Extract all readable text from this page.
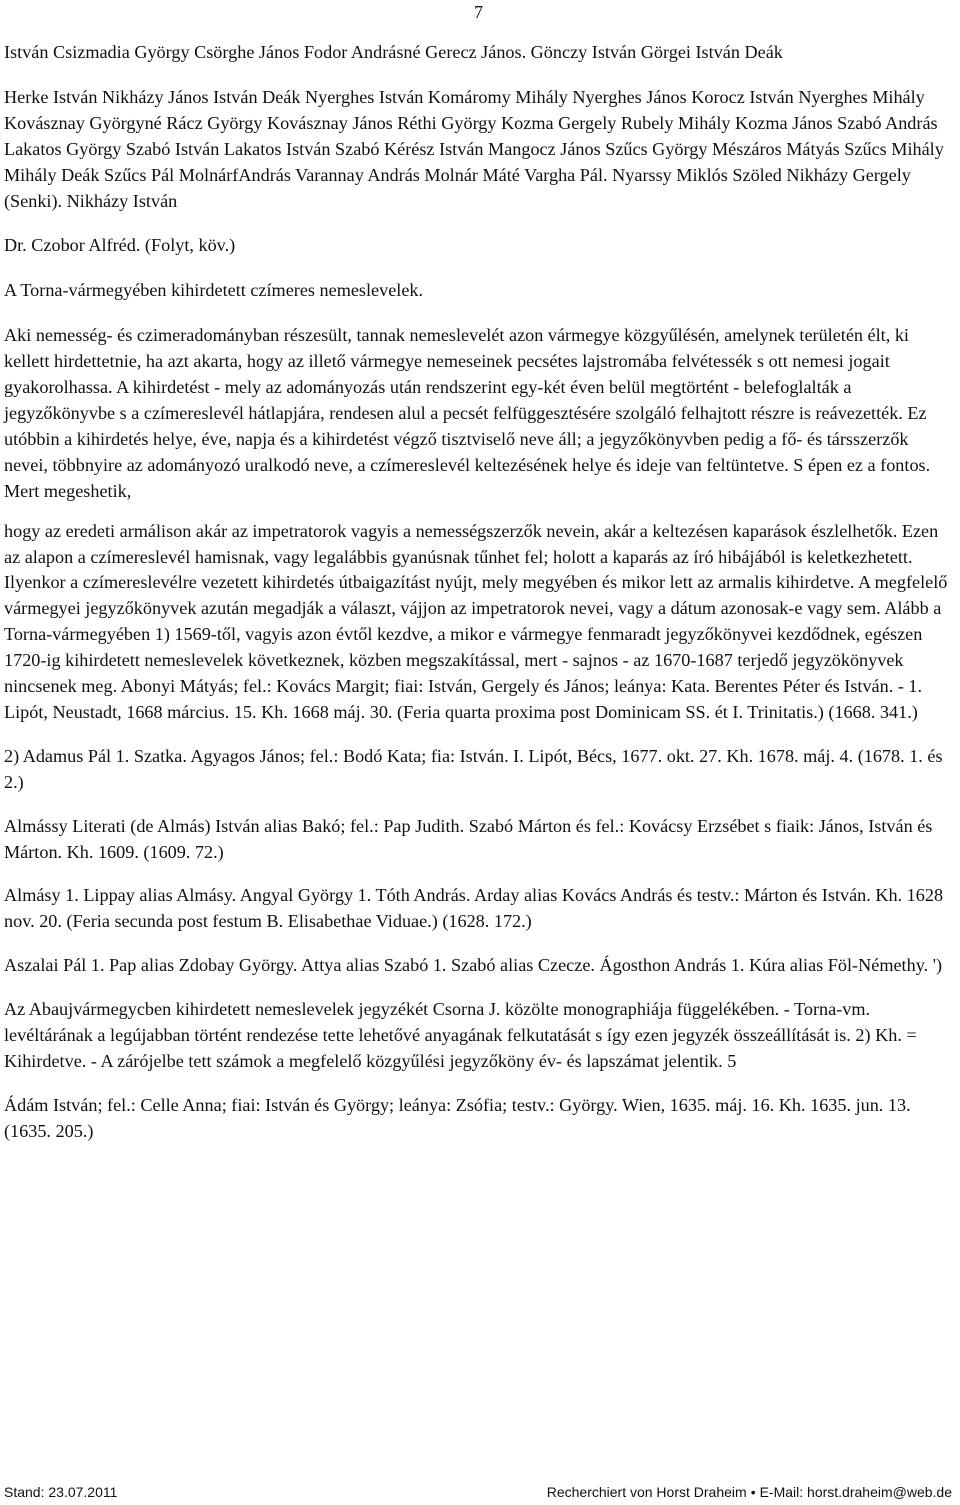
7

István Csizmadia György Csörghe János Fodor Andrásné Gerecz János. Gönczy István Görgei István Deák

Herke István Nikházy János István Deák Nyerghes István Komáromy Mihály Nyerghes János Korocz István Nyerghes Mihály Kovásznay Györgyné Rácz György Kovásznay János Réthi György Kozma Gergely Rubely Mihály Kozma János Szabó András Lakatos György Szabó István Lakatos István Szabó Kérész István Mangocz János Szűcs György Mészáros Mátyás Szűcs Mihály Mihály Deák Szűcs Pál MolnárfAndrás Varannay András Molnár Máté Vargha Pál. Nyarssy Miklós Szöled Nikházy Gergely (Senki). Nikházy István

Dr. Czobor Alfréd. (Folyt, köv.)

A Torna-vármegyében kihirdetett czímeres nemeslevelek.

Aki nemesség- és czimeradományban részesült, tannak nemeslevelét azon vármegye közgyűlésén, amelynek területén élt, ki kellett hirdettetnie, ha azt akarta, hogy az illető vármegye nemeseinek pecsétes lajstromába felvétessék s ott nemesi jogait gyakorolhassa. A kihirdetést - mely az adományozás után rendszerint egy-két éven belül megtörtént - belefoglalták a jegyzőkönyvbe s a czímereslevél hátlapjára, rendesen alul a pecsét felfüggesztésére szolgáló felhajtott részre is reávezették. Ez utóbbin a kihirdetés helye, éve, napja és a kihirdetést végző tisztviselő neve áll; a jegyzőkönyvben pedig a fő- és társszerzők nevei, többnyire az adományozó uralkodó neve, a czímereslevél keltezésének helye és ideje van feltüntetve. S épen ez a fontos. Mert megeshetik,

hogy az eredeti armálison akár az impetratorok vagyis a nemességszerzők nevein, akár a keltezésen kaparások észlelhetők. Ezen az alapon a czímereslevél hamisnak, vagy legalábbis gyanúsnak tűnhet fel; holott a kaparás az író hibájából is keletkezhetett. Ilyenkor a czímereslevélre vezetett kihirdetés útbaigazítást nyújt, mely megyében és mikor lett az armalis kihirdetve. A megfelelő vármegyei jegyzőkönyvek azután megadják a választ, vájjon az impetratorok nevei, vagy a dátum azonosak-e vagy sem. Alább a Torna-vármegyében 1) 1569-től, vagyis azon évtől kezdve, a mikor e vármegye fenmaradt jegyzőkönyvei kezdődnek, egészen 1720-ig kihirdetett nemeslevelek következnek, közben megszakítással, mert - sajnos - az 1670-1687 terjedő jegyzökönyvek nincsenek meg. Abonyi Mátyás; fel.: Kovács Margit; fiai: István, Gergely és János; leánya: Kata. Berentes Péter és István. - 1. Lipót, Neustadt, 1668 március. 15. Kh. 1668 máj. 30. (Feria quarta proxima post Dominicam SS. ét I. Trinitatis.) (1668. 341.)

2) Adamus Pál 1. Szatka. Agyagos János; fel.: Bodó Kata; fia: István. I. Lipót, Bécs, 1677. okt. 27. Kh. 1678. máj. 4. (1678. 1. és 2.)

Almássy Literati (de Almás) István alias Bakó; fel.: Pap Judith. Szabó Márton és fel.: Kovácsy Erzsébet s fiaik: János, István és Márton. Kh. 1609. (1609. 72.)

Almásy 1. Lippay alias Almásy. Angyal György 1. Tóth András. Arday alias Kovács András és testv.: Márton és István. Kh. 1628 nov. 20. (Feria secunda post festum B. Elisabethae Viduae.) (1628. 172.)

Aszalai Pál 1. Pap alias Zdobay György. Attya alias Szabó 1. Szabó alias Czecze. Ágosthon András 1. Kúra alias Föl-Némethy. ')

Az Abaujvármegycben kihirdetett nemeslevelek jegyzékét Csorna J. közölte monographiája függelékében. - Torna-vm. levéltárának a legújabban történt rendezése tette lehetővé anyagának felkutatását s így ezen jegyzék összeállítását is. 2) Kh. = Kihirdetve. - A zárójelbe tett számok a megfelelő közgyűlési jegyzőköny év- és lapszámat jelentik. 5

Ádám István; fel.: Celle Anna; fiai: István és György; leánya: Zsófia; testv.: György. Wien, 1635. máj. 16. Kh. 1635. jun. 13. (1635. 205.)

Stand: 23.07.2011	Recherchiert von Horst Draheim • E-Mail: horst.draheim@web.de
